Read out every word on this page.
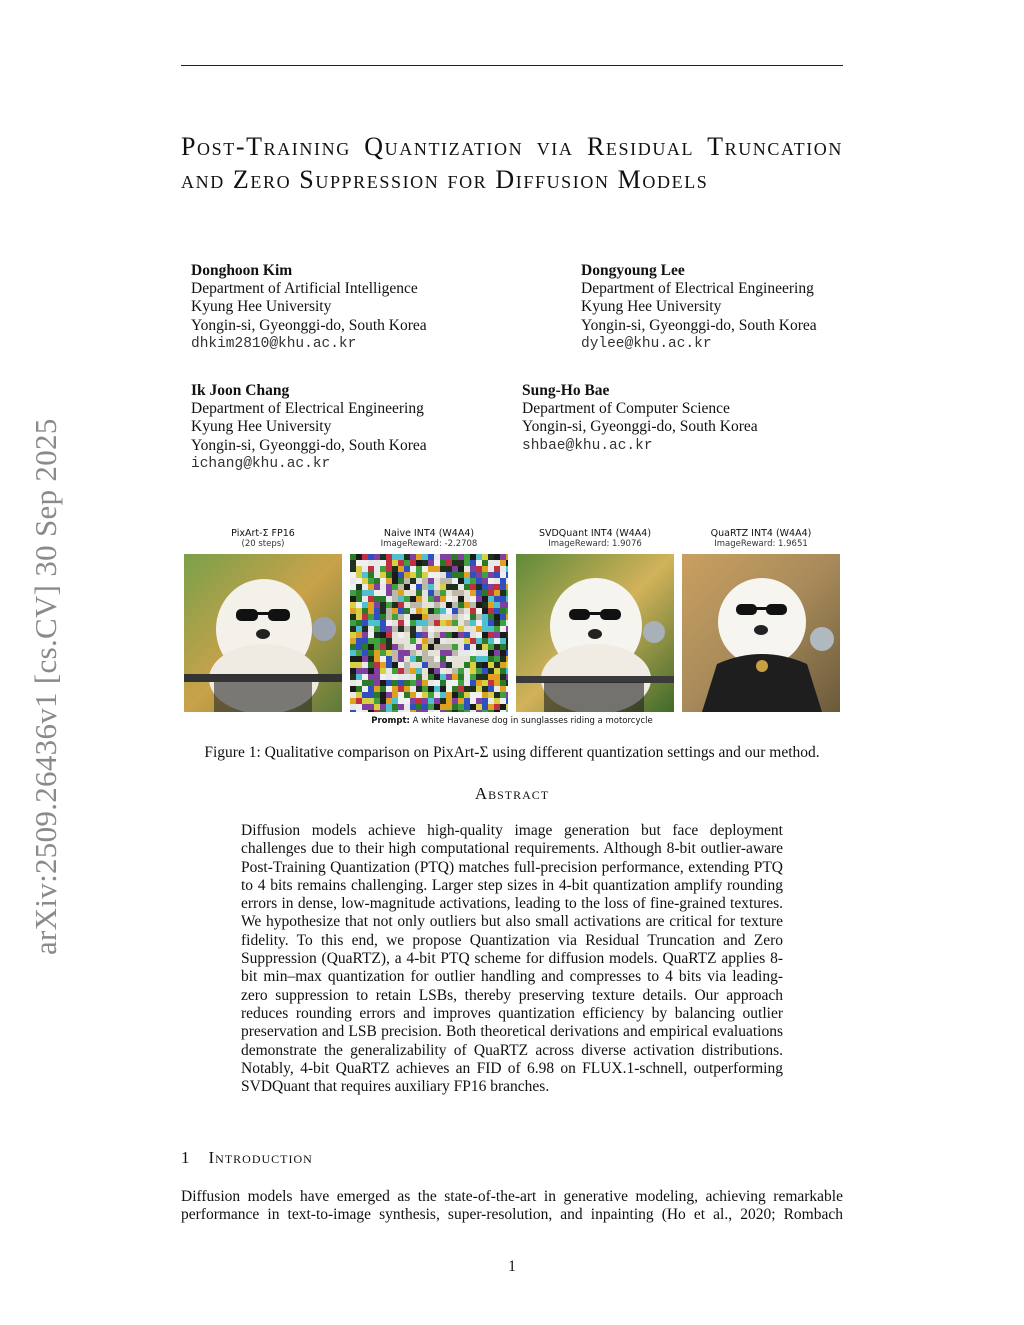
arXiv:2509.26436v1 [cs.CV] 30 Sep 2025
Post-Training Quantization via Residual Truncation and Zero Suppression for Diffusion Models
Donghoon Kim
Department of Artificial Intelligence
Kyung Hee University
Yongin-si, Gyeonggi-do, South Korea
dhkim2810@khu.ac.kr
Dongyoung Lee
Department of Electrical Engineering
Kyung Hee University
Yongin-si, Gyeonggi-do, South Korea
dylee@khu.ac.kr
Ik Joon Chang
Department of Electrical Engineering
Kyung Hee University
Yongin-si, Gyeonggi-do, South Korea
ichang@khu.ac.kr
Sung-Ho Bae
Department of Computer Science
Yongin-si, Gyeonggi-do, South Korea
shbae@khu.ac.kr
PixArt-Σ FP16
(20 steps)
Naive INT4 (W4A4)
ImageReward: -2.2708
SVDQuant INT4 (W4A4)
ImageReward: 1.9076
QuaRTZ INT4 (W4A4)
ImageReward: 1.9651
Prompt: A white Havanese dog in sunglasses riding a motorcycle
Figure 1: Qualitative comparison on PixArt-Σ using different quantization settings and our method.
Abstract
Diffusion models achieve high-quality image generation but face deployment challenges due to their high computational requirements. Although 8-bit outlier-aware Post-Training Quantization (PTQ) matches full-precision performance, extending PTQ to 4 bits remains challenging. Larger step sizes in 4-bit quantization amplify rounding errors in dense, low-magnitude activations, leading to the loss of fine-grained textures. We hypothesize that not only outliers but also small activations are critical for texture fidelity. To this end, we propose Quantization via Residual Truncation and Zero Suppression (QuaRTZ), a 4-bit PTQ scheme for diffusion models. QuaRTZ applies 8-bit min–max quantization for outlier handling and compresses to 4 bits via leading-zero suppression to retain LSBs, thereby preserving texture details. Our approach reduces rounding errors and improves quantization efficiency by balancing outlier preservation and LSB precision. Both theoretical derivations and empirical evaluations demonstrate the generalizability of QuaRTZ across diverse activation distributions. Notably, 4-bit QuaRTZ achieves an FID of 6.98 on FLUX.1-schnell, outperforming SVDQuant that requires auxiliary FP16 branches.
1 Introduction
Diffusion models have emerged as the state-of-the-art in generative modeling, achieving remarkable performance in text-to-image synthesis, super-resolution, and inpainting (Ho et al., 2020; Rombach
1
